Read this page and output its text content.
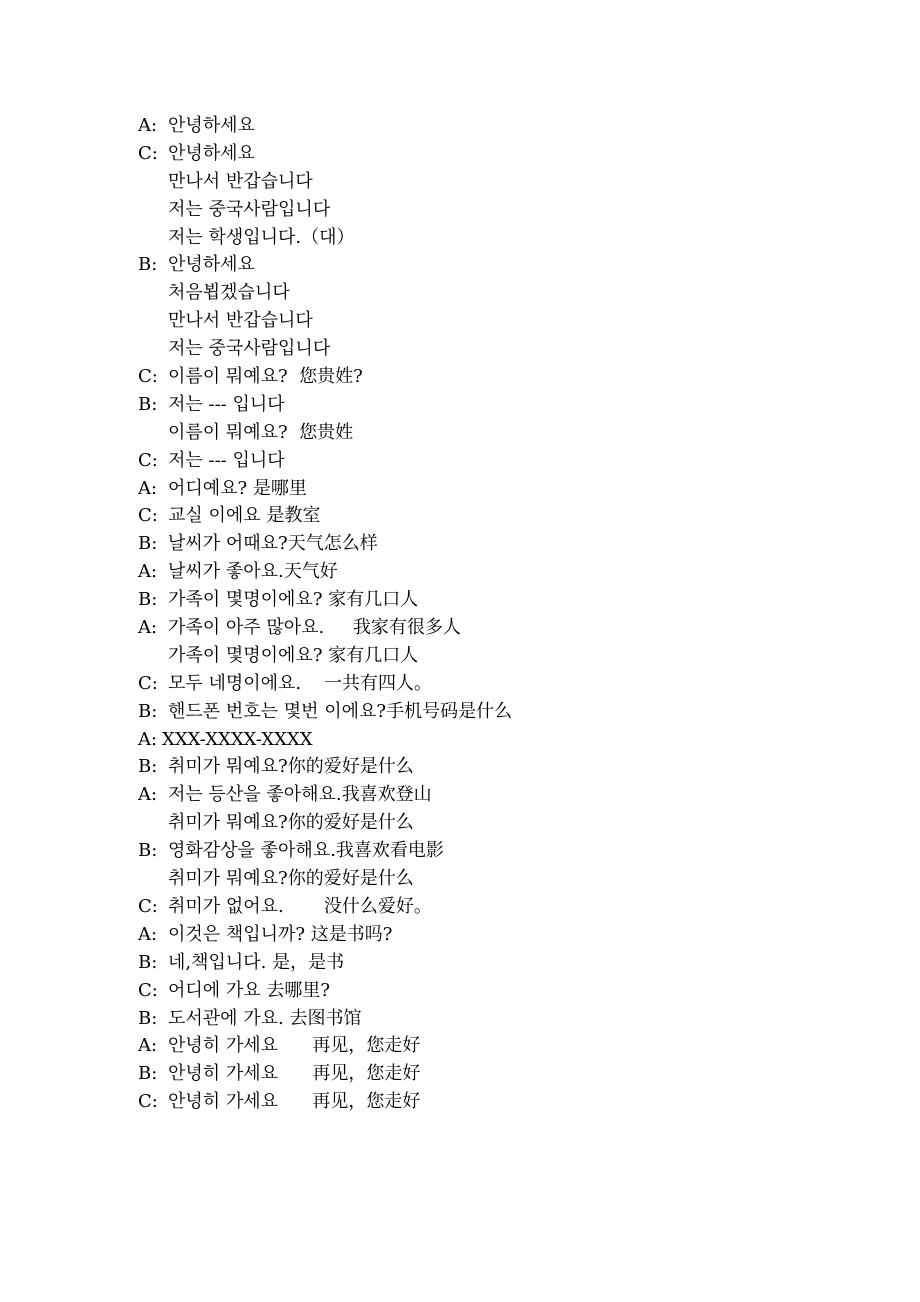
A: 안녕하세요
C: 안녕하세요
만나서 반갑습니다
저는 중국사람입니다
저는 학생입니다.（대）
B: 안녕하세요
처음뵙겠습니다
만나서 반갑습니다
저는 중국사람입니다
C: 이름이 뭐예요?  您贵姓?
B: 저는 --- 입니다
이름이 뭐예요?  您贵姓
C: 저는 --- 입니다
A: 어디예요? 是哪里
C: 교실 이에요 是教室
B: 날씨가 어때요?天气怎么样
A: 날씨가 좋아요.天气好
B: 가족이 몇명이에요? 家有几口人
A: 가족이 아주 많아요.     我家有很多人
가족이 몇명이에요? 家有几口人
C: 모두 네명이에요.    一共有四人。
B: 핸드폰 번호는 몇번 이에요?手机号码是什么
A: XXX-XXXX-XXXX
B: 취미가 뭐예요?你的爱好是什么
A: 저는 등산을 좋아해요.我喜欢登山
취미가 뭐예요?你的爱好是什么
B: 영화감상을 좋아해요.我喜欢看电影
취미가 뭐예요?你的爱好是什么
C: 취미가 없어요.       没什么爱好。
A: 이것은 책입니까? 这是书吗?
B: 네,책입니다. 是，是书
C: 어디에 가요 去哪里?
B: 도서관에 가요. 去图书馆
A: 안녕히 가세요      再见，您走好
B: 안녕히 가세요      再见，您走好
C: 안녕히 가세요      再见，您走好
